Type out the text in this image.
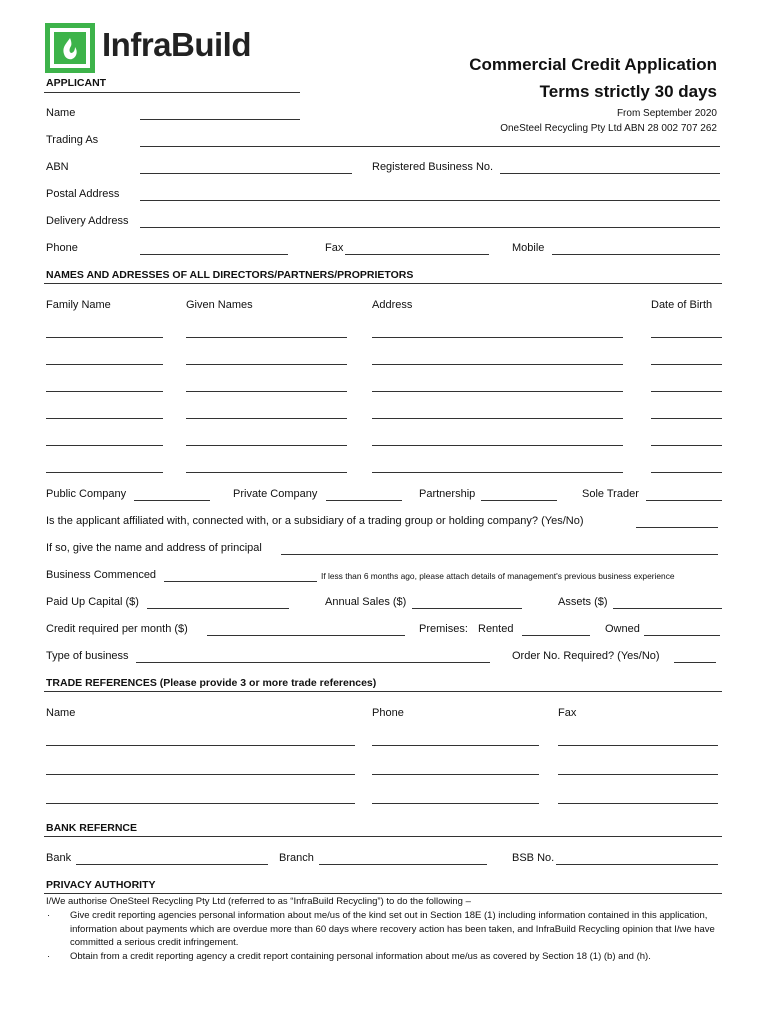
InfraBuild
Commercial Credit Application
Terms strictly 30 days
From September 2020
OneSteel Recycling Pty Ltd ABN 28 002 707 262
APPLICANT
Name
Trading As
ABN	Registered Business No.
Postal Address
Delivery Address
Phone	Fax	Mobile
NAMES AND ADRESSES OF ALL DIRECTORS/PARTNERS/PROPRIETORS
Family Name	Given Names	Address	Date of Birth
Public Company	Private Company	Partnership	Sole Trader
Is the applicant affiliated with, connected with, or a subsidiary of a trading group or holding company? (Yes/No)
If so, give the name and address of principal
Business Commenced	If less than 6 months ago, please attach details of management's previous business experience
Paid Up Capital ($)	Annual Sales ($)	Assets ($)
Credit required per month ($)	Premises: Rented	Owned
Type of business	Order No. Required? (Yes/No)
TRADE REFERENCES (Please provide 3 or more trade references)
Name	Phone	Fax
BANK REFERNCE
Bank	Branch	BSB No.
PRIVACY AUTHORITY
I/We authorise OneSteel Recycling Pty Ltd (referred to as “InfraBuild Recycling”) to do the following –
· Give credit reporting agencies personal information about me/us of the kind set out in Section 18E (1) including information contained in this application, information about payments which are overdue more than 60 days where recovery action has been taken, and InfraBuild Recycling opinion that I/we have committed a serious credit infringement.
· Obtain from a credit reporting agency a credit report containing personal information about me/us as covered by Section 18 (1) (b) and (h).
